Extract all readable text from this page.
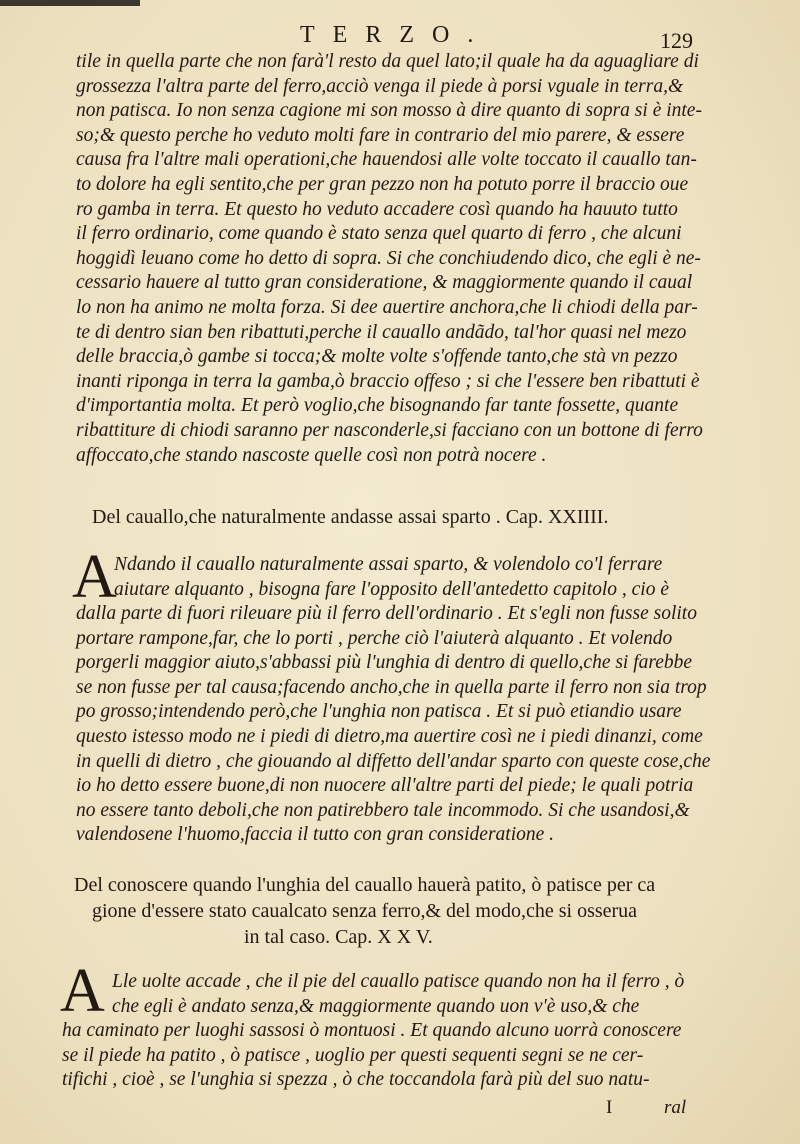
TERZO.	129
tile in quella parte che non farà'l resto da quel lato;il quale ha da aguagliare di
grossezza l'altra parte del ferro,acciò venga il piede à porsi vguale in terra,&
non patisca. Io non senza cagione mi son mosso à dire quanto di sopra si è inte-
so;& questo perche ho veduto molti fare in contrario del mio parere, & essere
causa fra l'altre mali operationi,che hauendosi alle volte toccato il cauallo tan-
to dolore ha egli sentito,che per gran pezzo non ha potuto porre il braccio oue
ro gamba in terra. Et questo ho veduto accadere così quando ha hauuto tutto
il ferro ordinario, come quando è stato senza quel quarto di ferro , che alcuni
hoggidì leuano come ho detto di sopra. Si che conchiudendo dico, che egli è ne-
cessario hauere al tutto gran consideratione, & maggiormente quando il caual
lo non ha animo ne molta forza. Si dee auertire anchora,che li chiodi della par-
te di dentro sian ben ribattuti,perche il cauallo andãdo, tal'hor quasi nel mezo
delle braccia,ò gambe si tocca;& molte volte s'offende tanto,che stà vn pezzo
inanti riponga in terra la gamba,ò braccio offeso ; si che l'essere ben ribattuti è
d'importantia molta. Et però voglio,che bisognando far tante fossette, quante
ribattiture di chiodi saranno per nasconderle,si facciano con un bottone di ferro
affoccato,che stando nascoste quelle così non potrà nocere .
Del cauallo,che naturalmente andasse assai sparto . Cap. XXIIII.
A
Ndando il cauallo naturalmente assai sparto, & volendolo co'l ferrare
aiutare alquanto , bisogna fare l'opposito dell'antedetto capitolo , cio è
dalla parte di fuori rileuare più il ferro dell'ordinario . Et s'egli non fusse solito
portare rampone,far, che lo porti , perche ciò l'aiuterà alquanto . Et volendo
porgerli maggior aiuto,s'abbassi più l'unghia di dentro di quello,che si farebbe
se non fusse per tal causa;facendo ancho,che in quella parte il ferro non sia trop
po grosso;intendendo però,che l'unghia non patisca . Et si può etiandio usare
questo istesso modo ne i piedi di dietro,ma auertire così ne i piedi dinanzi, come
in quelli di dietro , che giouando al diffetto dell'andar sparto con queste cose,che
io ho detto essere buone,di non nuocere all'altre parti del piede; le quali potria
no essere tanto deboli,che non patirebbero tale incommodo. Si che usandosi,&
valendosene l'huomo,faccia il tutto con gran consideratione .
Del conoscere quando l'unghia del cauallo hauerà patito, ò patisce per ca
gione d'essere stato caualcato senza ferro,& del modo,che si osserua
in tal caso. Cap. X X V.
A Lle uolte accade , che il pie del cauallo patisce quando non ha il ferro , ò
che egli è andato senza,& maggiormente quando uon v'è uso,& che
ha caminato per luoghi sassosi ò montuosi . Et quando alcuno uorrà conoscere
se il piede ha patito , ò patisce , uoglio per questi sequenti segni se ne cer-
tifichi , cioè , se l'unghia si spezza , ò che toccandola farà più del suo natu-
I	ral
